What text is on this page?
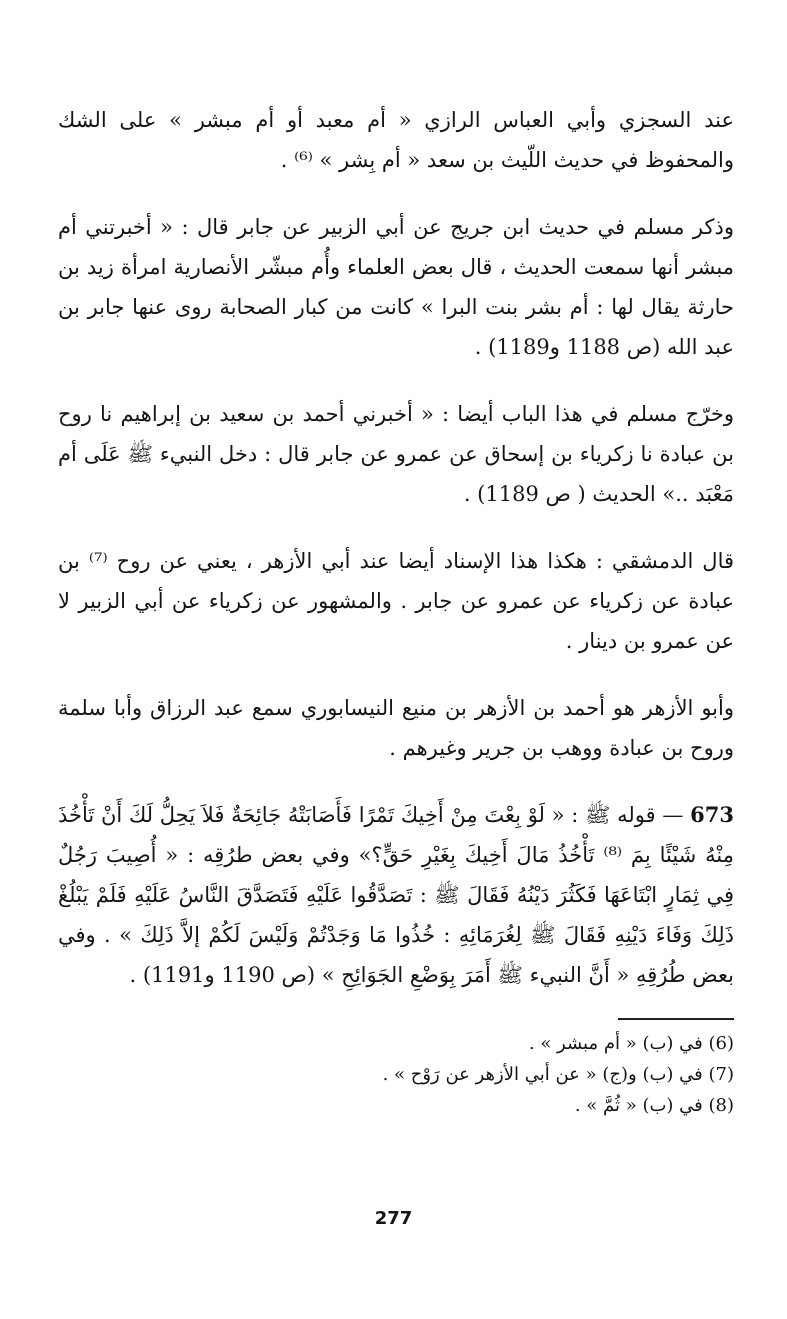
عند السجزي وأبي العباس الرازي « أم معبد أو أم مبشر » على الشك والمحفوظ في حديث اللّيث بن سعد « أم بِشر » ⁽⁶⁾ .

وذكر مسلم في حديث ابن جريج عن أبي الزبير عن جابر قال : « أخبرتني أم مبشر أنها سمعت الحديث ، قال بعض العلماء وأُم مبشّر الأنصارية امرأة زيد بن حارثة يقال لها : أم بشر بنت البرا » كانت من كبار الصحابة روى عنها جابر بن عبد الله (ص 1188 و1189) .

وخرّج مسلم في هذا الباب أيضا : « أخبرني أحمد بن سعيد بن إبراهيم نا روح بن عبادة نا زكرياء بن إسحاق عن عمرو عن جابر قال : دخل النبيء ﷺ عَلَى أم مَعْبَد ..» الحديث ( ص 1189) .

قال الدمشقي : هكذا هذا الإسناد أيضا عند أبي الأزهر ، يعني عن روح ⁽⁷⁾ بن عبادة عن زكرياء عن عمرو عن جابر . والمشهور عن زكرياء عن أبي الزبير لا عن عمرو بن دينار .

وأبو الأزهر هو أحمد بن الأزهر بن منيع النيسابوري سمع عبد الرزاق وأبا سلمة وروح بن عبادة ووهب بن جرير وغيرهم .

673 — قوله ﷺ : « لَوْ بِعْتَ مِنْ أَخِيكَ تَمْرًا فَأَصَابَتْهُ جَائِحَةٌ فَلاَ يَحِلُّ لَكَ أَنْ تَأْخُذَ مِنْهُ شَيْئًا بِمَ ⁽⁸⁾ تَأْخُذُ مَالَ أَخِيكَ بِغَيْرِ حَقٍّ؟» وفي بعض طرُقِه : « أُصِيبَ رَجُلٌ فِي ثِمَارٍ ابْتَاعَهَا فَكَثُرَ دَيْنُهُ فَقَالَ ﷺ : تَصَدَّقُوا عَلَيْهِ فَتَصَدَّقَ النَّاسُ عَلَيْهِ فَلَمْ يَبْلُغْ ذَلِكَ وَفَاءَ دَيْنِهِ فَقَالَ ﷺ لِغُرَمَائِهِ : خُذُوا مَا وَجَدْتُمْ وَلَيْسَ لَكُمْ إلاَّ ذَلِكَ » . وفي بعض طُرُقِهِ « أَنَّ النبيء ﷺ أَمَرَ بِوَضْعِ الجَوَائِحِ » (ص 1190 و1191) .

(6) في (ب) « أم مبشر » .

(7) في (ب) و(ج) « عن أبي الأزهر عن رَوْح » .

(8) في (ب) « ثُمَّ » .

277
